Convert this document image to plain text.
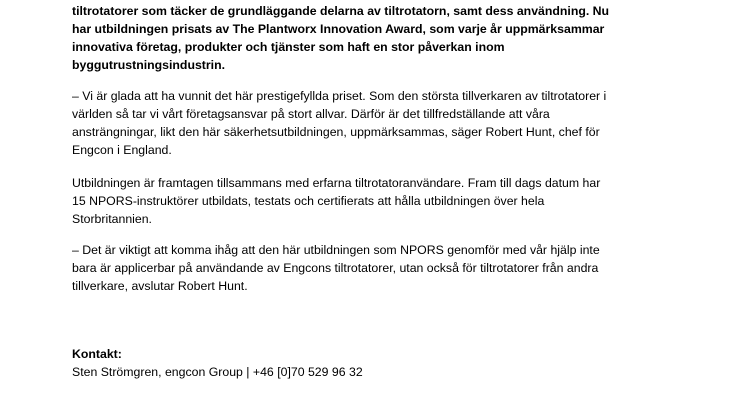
tiltrotatorer som täcker de grundläggande delarna av tiltrotatorn, samt dess användning. Nu
har utbildningen prisats av The Plantworx Innovation Award, som varje år uppmärksammar
innovativa företag, produkter och tjänster som haft en stor påverkan inom
byggutrustningsindustrin.

– Vi är glada att ha vunnit det här prestigefyllda priset. Som den största tillverkaren av tiltrotatorer i
världen så tar vi vårt företagsansvar på stort allvar. Därför är det tillfredställande att våra
ansträngningar, likt den här säkerhetsutbildningen, uppmärksammas, säger Robert Hunt, chef för
Engcon i England.

Utbildningen är framtagen tillsammans med erfarna tiltrotatoranvändare. Fram till dags datum har
15 NPORS-instruktörer utbildats, testats och certifierats att hålla utbildningen över hela
Storbritannien.

– Det är viktigt att komma ihåg att den här utbildningen som NPORS genomför med vår hjälp inte
bara är applicerbar på användande av Engcons tiltrotatorer, utan också för tiltrotatorer från andra
tillverkare, avslutar Robert Hunt.

Kontakt:

Sten Strömgren, engcon Group | +46 [0]70 529 96 32
